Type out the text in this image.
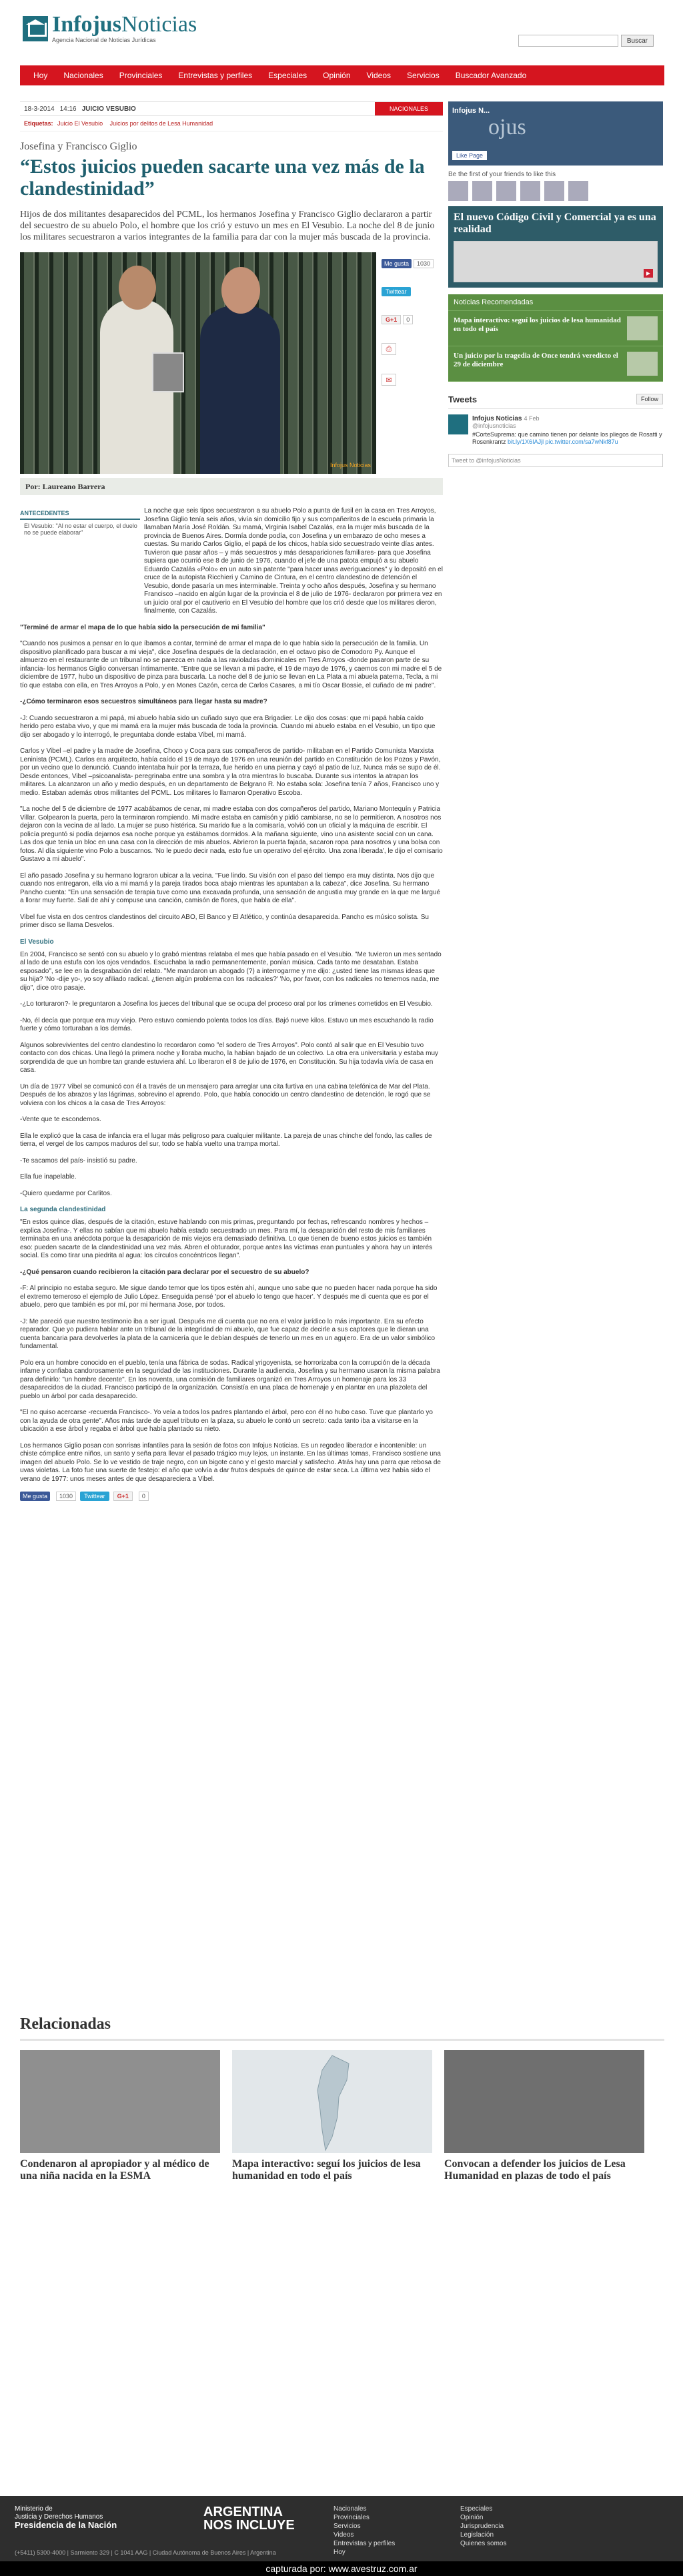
InfojusNoticias
Agencia Nacional de Noticias Jurídicas	Buscar
Hoy	Nacionales	Provinciales	Entrevistas y perfiles	Especiales	Opinión	Videos	Servicios	Buscador Avanzado
18-3-2014 14:16 JUICIO VESUBIO	NACIONALES
Etiquetas: Juicio El Vesubio Juicios por delitos de Lesa Humanidad
Josefina y Francisco Giglio
“Estos juicios pueden sacarte una vez más de la clandestinidad”
Hijos de dos militantes desaparecidos del PCML, los hermanos Josefina y Francisco Giglio declararon a partir del secuestro de su abuelo Polo, el hombre que los crió y estuvo un mes en El Vesubio. La noche del 8 de junio los militares secuestraron a varios integrantes de la familia para dar con la mujer más buscada de la provincia.
Infojus Noticias
Me gusta	1030
Twittear
G+1	0
⎙
✉
Por: Laureano Barrera
ANTECEDENTES
El Vesubio: "Al no estar el cuerpo, el duelo no se puede elaborar"

La noche que seis tipos secuestraron a su abuelo Polo a punta de fusil en la casa en Tres Arroyos, Josefina Giglio tenía seis años, vivía sin domicilio fijo y sus compañeritos de la escuela primaria la llamaban María José Roldán. Su mamá, Virginia Isabel Cazalás, era la mujer más buscada de la provincia de Buenos Aires. Dormía donde podía, con Josefina y un embarazo de ocho meses a cuestas. Su marido Carlos Giglio, el papá de los chicos, había sido secuestrado veinte días antes. Tuvieron que pasar años – y más secuestros y más desapariciones familiares- para que Josefina supiera que ocurrió ese 8 de junio de 1976, cuando el jefe de una patota empujó a su abuelo Eduardo Cazalás «Polo» en un auto sin patente "para hacer unas averiguaciones" y lo depositó en el cruce de la autopista Ricchieri y Camino de Cintura, en el centro clandestino de detención el Vesubio, donde pasaría un mes interminable. Treinta y ocho años después, Josefina y su hermano Francisco –nacido en algún lugar de la provincia el 8 de julio de 1976- declararon por primera vez en un juicio oral por el cautiverio en El Vesubio del hombre que los crió desde que los militares dieron, finalmente, con Cazalás.

"Terminé de armar el mapa de lo que había sido la persecución de mi familia"

"Cuando nos pusimos a pensar en lo que íbamos a contar, terminé de armar el mapa de lo que había sido la persecución de la familia. Un dispositivo planificado para buscar a mi vieja", dice Josefina después de la declaración, en el octavo piso de Comodoro Py. Aunque el almuerzo en el restaurante de un tribunal no se parezca en nada a las ravioladas dominicales en Tres Arroyos -donde pasaron parte de su infancia- los hermanos Giglio conversan íntimamente. "Entre que se llevan a mi padre, el 19 de mayo de 1976, y caemos con mi madre el 5 de diciembre de 1977, hubo un dispositivo de pinza para buscarla. La noche del 8 de junio se llevan en La Plata a mi abuela paterna, Tecla, a mi tío que estaba con ella, en Tres Arroyos a Polo, y en Mones Cazón, cerca de Carlos Casares, a mi tío Oscar Bossie, el cuñado de mi padre".

-¿Cómo terminaron esos secuestros simultáneos para llegar hasta su madre?

-J: Cuando secuestraron a mi papá, mi abuelo había sido un cuñado suyo que era Brigadier. Le dijo dos cosas: que mi papá había caído herido pero estaba vivo, y que mi mamá era la mujer más buscada de toda la provincia. Cuando mi abuelo estaba en el Vesubio, un tipo que dijo ser abogado y lo interrogó, le preguntaba donde estaba Vibel, mi mamá.

Carlos y Vibel –el padre y la madre de Josefina, Choco y Coca para sus compañeros de partido- militaban en el Partido Comunista Marxista Leninista (PCML). Carlos era arquitecto, había caído el 19 de mayo de 1976 en una reunión del partido en Constitución de los Pozos y Pavón, por un vecino que lo denunció. Cuando intentaba huir por la terraza, fue herido en una pierna y cayó al patio de luz. Nunca más se supo de él. Desde entonces, Vibel –psicoanalista- peregrinaba entre una sombra y la otra mientras lo buscaba. Durante sus intentos la atrapan los militares. La alcanzaron un año y medio después, en un departamento de Belgrano R. No estaba sola: Josefina tenía 7 años, Francisco uno y medio. Estaban además otros militantes del PCML. Los militares lo llamaron Operativo Escoba.

"La noche del 5 de diciembre de 1977 acabábamos de cenar, mi madre estaba con dos compañeros del partido, Mariano Montequín y Patricia Villar. Golpearon la puerta, pero la terminaron rompiendo. Mi madre estaba en camisón y pidió cambiarse, no se lo permitieron. A nosotros nos dejaron con la vecina de al lado. La mujer se puso histérica. Su marido fue a la comisaría, volvió con un oficial y la máquina de escribir. El policía preguntó si podía dejarnos esa noche porque ya estábamos dormidos. A la mañana siguiente, vino una asistente social con un cana. Las dos que tenía un bloc en una casa con la dirección de mis abuelos. Abrieron la puerta fajada, sacaron ropa para nosotros y una bolsa con fotos. Al día siguiente vino Polo a buscarnos. 'No le puedo decir nada, esto fue un operativo del ejército. Una zona liberada', le dijo el comisario Gustavo a mi abuelo".

El año pasado Josefina y su hermano lograron ubicar a la vecina. "Fue lindo. Su visión con el paso del tiempo era muy distinta. Nos dijo que cuando nos entregaron, ella vio a mi mamá y la pareja tirados boca abajo mientras les apuntaban a la cabeza", dice Josefina. Su hermano Pancho cuenta: "En una sensación de terapia tuve como una excavada profunda, una sensación de angustia muy grande en la que me largué a llorar muy fuerte. Salí de ahí y compuse una canción, camisón de flores, que habla de ella".

Vibel fue vista en dos centros clandestinos del circuito ABO, El Banco y El Atlético, y continúa desaparecida. Pancho es músico solista. Su primer disco se llama Desvelos.

El Vesubio

En 2004, Francisco se sentó con su abuelo y lo grabó mientras relataba el mes que había pasado en el Vesubio. "Me tuvieron un mes sentado al lado de una estufa con los ojos vendados. Escuchaba la radio permanentemente, ponían música. Cada tanto me desataban. Estaba esposado", se lee en la desgrabación del relato. "Me mandaron un abogado (?) a interrogarme y me dijo: ¿usted tiene las mismas ideas que su hija? 'No -dije yo-, yo soy afiliado radical. ¿tienen algún problema con los radicales?' 'No, por favor, con los radicales no tenemos nada, me dijo", dice otro pasaje.

-¿Lo torturaron?- le preguntaron a Josefina los jueces del tribunal que se ocupa del proceso oral por los crímenes cometidos en El Vesubio.

-No, él decía que porque era muy viejo. Pero estuvo comiendo polenta todos los días. Bajó nueve kilos. Estuvo un mes escuchando la radio fuerte y cómo torturaban a los demás.

Algunos sobrevivientes del centro clandestino lo recordaron como "el sodero de Tres Arroyos". Polo contó al salir que en El Vesubio tuvo contacto con dos chicas. Una llegó la primera noche y lloraba mucho, la habían bajado de un colectivo. La otra era universitaria y estaba muy sorprendida de que un hombre tan grande estuviera ahí. Lo liberaron el 8 de julio de 1976, en Constitución. Su hija todavía vivía de casa en casa.

Un día de 1977 Vibel se comunicó con él a través de un mensajero para arreglar una cita furtiva en una cabina telefónica de Mar del Plata. Después de los abrazos y las lágrimas, sobrevino el aprendo. Polo, que había conocido un centro clandestino de detención, le rogó que se volviera con los chicos a la casa de Tres Arroyos:

-Vente que te escondemos.

Ella le explicó que la casa de infancia era el lugar más peligroso para cualquier militante. La pareja de unas chinche del fondo, las calles de tierra, el vergel de los campos maduros del sur, todo se había vuelto una trampa mortal.

-Te sacamos del país- insistió su padre.

Ella fue inapelable.

-Quiero quedarme por Carlitos.

La segunda clandestinidad

"En estos quince días, después de la citación, estuve hablando con mis primas, preguntando por fechas, refrescando nombres y hechos –explica Josefina-. Y ellas no sabían que mi abuelo había estado secuestrado un mes. Para mí, la desaparición del resto de mis familiares terminaba en una anécdota porque la desaparición de mis viejos era demasiado definitiva. Lo que tienen de bueno estos juicios es también eso: pueden sacarte de la clandestinidad una vez más. Abren el obturador, porque antes las víctimas eran puntuales y ahora hay un interés social. Es como tirar una piedrita al agua: los círculos concéntricos llegan".

-¿Qué pensaron cuando recibieron la citación para declarar por el secuestro de su abuelo?

-F: Al principio no estaba seguro. Me sigue dando temor que los tipos estén ahí, aunque uno sabe que no pueden hacer nada porque ha sido el extremo temeroso el ejemplo de Julio López. Enseguida pensé 'por el abuelo lo tengo que hacer'. Y después me di cuenta que es por el abuelo, pero que también es por mí, por mi hermana Jose, por todos.

-J: Me pareció que nuestro testimonio iba a ser igual. Después me di cuenta que no era el valor jurídico lo más importante. Era su efecto reparador. Que yo pudiera hablar ante un tribunal de la integridad de mi abuelo, que fue capaz de decirle a sus captores que le dieran una cuenta bancaria para devolverles la plata de la carnicería que le debían después de tenerlo un mes en un agujero. Era de un valor simbólico fundamental.

Polo era un hombre conocido en el pueblo, tenía una fábrica de sodas. Radical yrigoyenista, se horrorizaba con la corrupción de la década infame y confiaba candorosamente en la seguridad de las instituciones. Durante la audiencia, Josefina y su hermano usaron la misma palabra para definirlo: "un hombre decente". En los noventa, una comisión de familiares organizó en Tres Arroyos un homenaje para los 33 desaparecidos de la ciudad. Francisco participó de la organización. Consistía en una placa de homenaje y en plantar en una plazoleta del pueblo un árbol por cada desaparecido.

"El no quiso acercarse -recuerda Francisco-. Yo veía a todos los padres plantando el árbol, pero con él no hubo caso. Tuve que plantarlo yo con la ayuda de otra gente". Años más tarde de aquel tributo en la plaza, su abuelo le contó un secreto: cada tanto iba a visitarse en la ubicación a ese árbol y regaba el árbol que había plantado su nieto.

Los hermanos Giglio posan con sonrisas infantiles para la sesión de fotos con Infojus Noticias. Es un regodeo liberador e incontenible: un chiste cómplice entre niños, un santo y seña para llevar el pasado trágico muy lejos, un instante. En las últimas tomas, Francisco sostiene una imagen del abuelo Polo. Se lo ve vestido de traje negro, con un bigote cano y el gesto marcial y satisfecho. Atrás hay una parra que rebosa de uvas violetas. La foto fue una suerte de festejo: el año que volvía a dar frutos después de quince de estar seca. La última vez había sido el verano de 1977: unos meses antes de que desapareciera a Vibel.

Me gusta	1030	Twittear	G+1	0
Infojus N...
ojus
Like Page
Be the first of your friends to like this
El nuevo Código Civil y Comercial ya es una realidad
▶
Noticias Recomendadas
Mapa interactivo: seguí los juicios de lesa humanidad en todo el país
Un juicio por la tragedia de Once tendrá veredicto el 29 de diciembre
Tweets	Follow
Infojus Noticias 4 Feb
@infojusnoticias
#CorteSuprema: que camino tienen por delante los pliegos de Rosatti y Rosenkrantz bit.ly/1X6IAJjl pic.twitter.com/sa7wNkf87u
Tweet to @infojusNoticias
Relacionadas
Condenaron al apropiador y al médico de una niña nacida en la ESMA
Mapa interactivo: seguí los juicios de lesa humanidad en todo el país
Convocan a defender los juicios de Lesa Humanidad en plazas de todo el país
Ministerio de
Justicia y Derechos Humanos
Presidencia de la Nación
ARGENTINA
NOS INCLUYE
(+5411) 5300-4000 | Sarmiento 329 | C 1041 AAG | Ciudad Autónoma de Buenos Aires | Argentina
Nacionales	Especiales
Provinciales	Opinión
Servicios	Jurisprudencia
Videos	Legislación
Entrevistas y perfiles	Quienes somos
Hoy
capturada por: www.avestruz.com.ar
